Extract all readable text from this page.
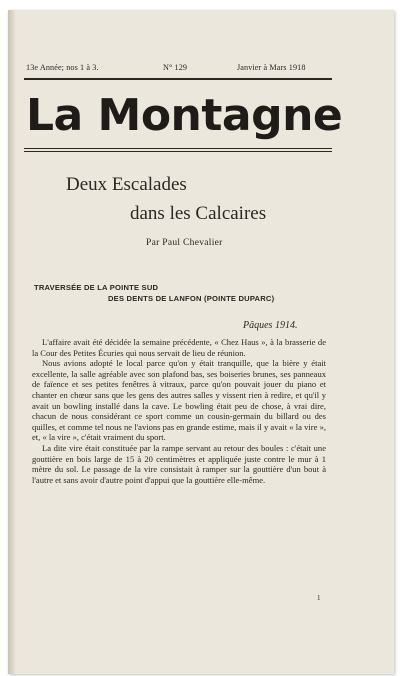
13e Année; nos 1 à 3.	N° 129	Janvier à Mars 1918
La Montagne
Deux Escalades
dans les Calcaires
Par Paul Chevalier
TRAVERSÉE DE LA POINTE SUD
DES DENTS DE LANFON (POINTE DUPARC)
Pâques 1914.

L'affaire avait été décidée la semaine précédente, « Chez Haus », à la brasserie de la Cour des Petites Écuries qui nous servait de lieu de réunion.

Nous avions adopté le local parce qu'on y était tranquille, que la bière y était excellente, la salle agréable avec son plafond bas, ses boiseries brunes, ses panneaux de faïence et ses petites fenêtres à vitraux, parce qu'on pouvait jouer du piano et chanter en chœur sans que les gens des autres salles y vissent rien à redire, et qu'il y avait un bowling installé dans la cave. Le bowling était peu de chose, à vrai dire, chacun de nous considérant ce sport comme un cousin-germain du billard ou des quilles, et comme tel nous ne l'avions pas en grande estime, mais il y avait « la vire », et, « la vire », c'était vraiment du sport.

La dite vire était constituée par la rampe servant au retour des boules : c'était une gouttière en bois large de 15 à 20 centimètres et appliquée juste contre le mur à 1 mètre du sol. Le passage de la vire consistait à ramper sur la gouttière d'un bout à l'autre et sans avoir d'autre point d'appui que la gouttière elle-même.

1
